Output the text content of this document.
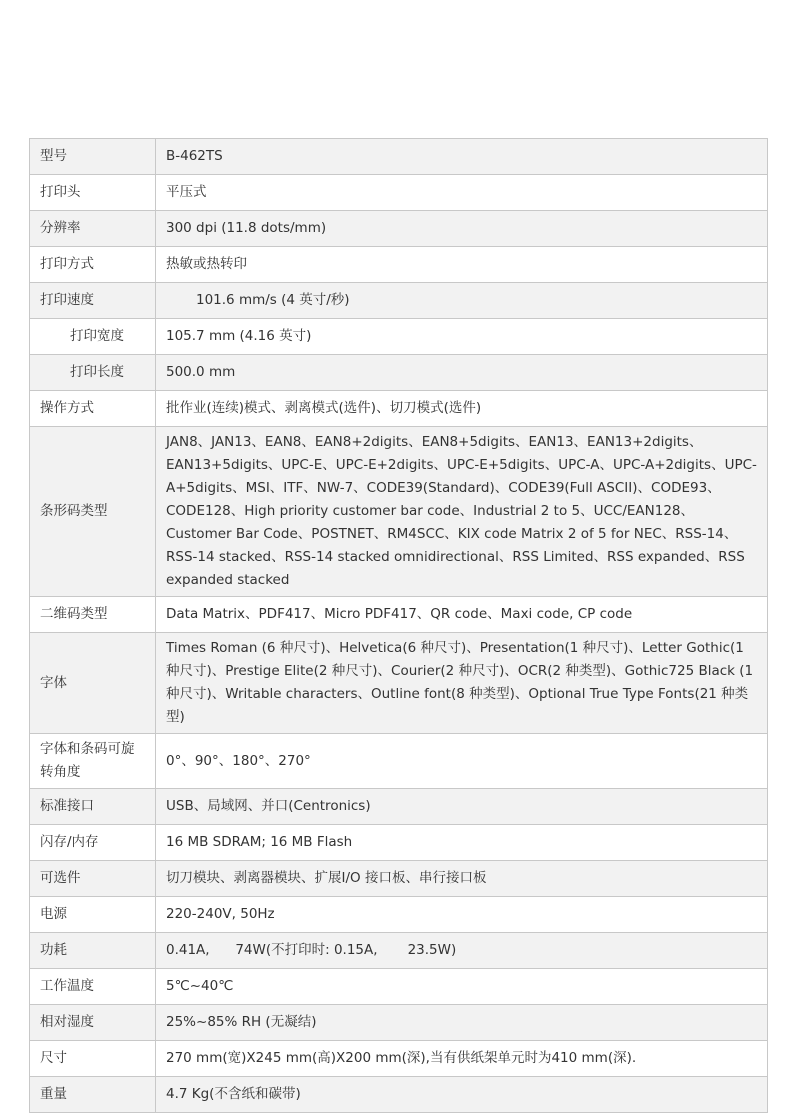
型号	B-462TS
打印头	平压式
分辨率	300 dpi (11.8 dots/mm)
打印方式	热敏或热转印
打印速度	101.6 mm/s (4 英寸/秒)
打印宽度	105.7 mm (4.16 英寸)
打印长度	500.0 mm
操作方式	批作业(连续)模式、剥离模式(选件)、切刀模式(选件)
条形码类型	JAN8、JAN13、EAN8、EAN8+2digits、EAN8+5digits、EAN13、EAN13+2digits、EAN13+5digits、UPC-E、UPC-E+2digits、UPC-E+5digits、UPC-A、UPC-A+2digits、UPC-A+5digits、MSI、ITF、NW-7、CODE39(Standard)、CODE39(Full ASCII)、CODE93、CODE128、High priority customer bar code、Industrial 2 to 5、UCC/EAN128、Customer Bar Code、POSTNET、RM4SCC、KIX code Matrix 2 of 5 for NEC、RSS-14、RSS-14 stacked、RSS-14 stacked omnidirectional、RSS Limited、RSS expanded、RSS expanded stacked
二维码类型	Data Matrix、PDF417、Micro PDF417、QR code、Maxi code, CP code
字体	Times Roman (6 种尺寸)、Helvetica(6 种尺寸)、Presentation(1 种尺寸)、Letter Gothic(1 种尺寸)、Prestige Elite(2 种尺寸)、Courier(2 种尺寸)、OCR(2 种类型)、Gothic725 Black (1 种尺寸)、Writable characters、Outline font(8 种类型)、Optional True Type Fonts(21 种类型)
字体和条码可旋转角度	0°、90°、180°、270°
标准接口	USB、局域网、并口(Centronics)
闪存/内存	16 MB SDRAM; 16 MB Flash
可选件	切刀模块、剥离器模块、扩展I/O 接口板、串行接口板
电源	220-240V, 50Hz
功耗	0.41A,      74W(不打印时: 0.15A,       23.5W)
工作温度	5℃~40℃
相对湿度	25%~85% RH (无凝结)
尺寸	270 mm(宽)X245 mm(高)X200 mm(深),当有供纸架单元时为410 mm(深).
重量	4.7 Kg(不含纸和碳带)
